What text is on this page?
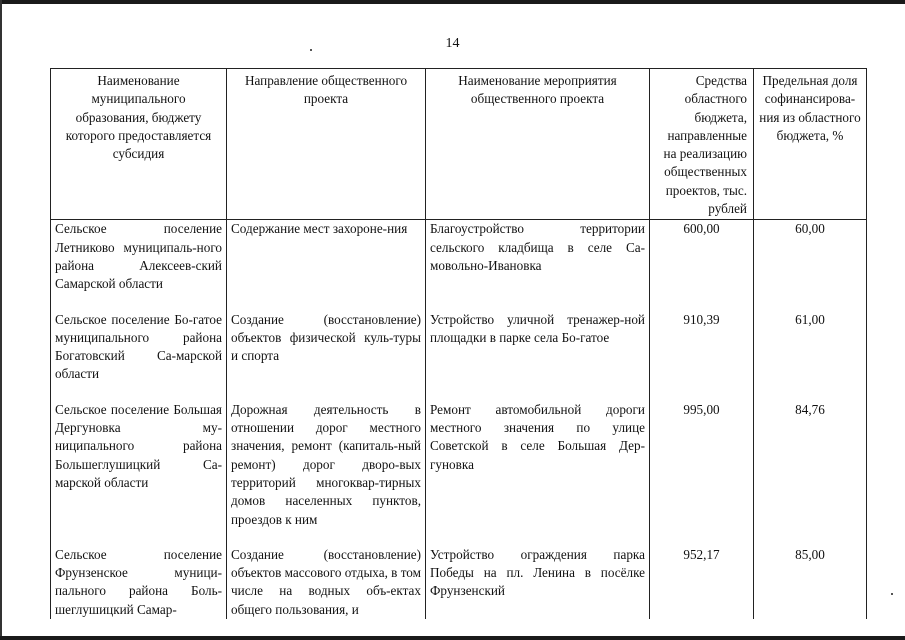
14
Наименование муниципального образования, бюджету которого предоставляется субсидия	Направление общественного проекта	Наименование мероприятия общественного проекта	Средства областного бюджета, направленные на реализацию общественных проектов, тыс. рублей	Предельная доля софинансирова-ния из областного бюджета, %
Сельское поселение Летниково муниципаль-ного района Алексеев-ский Самарской области	Содержание мест захороне-ния	Благоустройство территории сельского кладбища в селе Са-мовольно-Ивановка	600,00	60,00
Сельское поселение Бо-гатое муниципального района Богатовский Са-марской области	Создание (восстановление) объектов физической куль-туры и спорта	Устройство уличной тренажер-ной площадки в парке села Бо-гатое	910,39	61,00
Сельское поселение Большая Дергуновка му-ниципального района Большеглушицкий Са-марской области	Дорожная деятельность в отношении дорог местного значения, ремонт (капиталь-ный ремонт) дорог дворо-вых территорий многоквар-тирных домов населенных пунктов, проездов к ним	Ремонт автомобильной дороги местного значения по улице Советской в селе Большая Дер-гуновка	995,00	84,76
Сельское поселение Фрунзенское муници-пального района Боль-шеглушицкий Самар-	Создание (восстановление) объектов массового отдыха, в том числе на водных объ-ектах общего пользования, и	Устройство ограждения парка Победы на пл. Ленина в посёлке Фрунзенский	952,17	85,00
